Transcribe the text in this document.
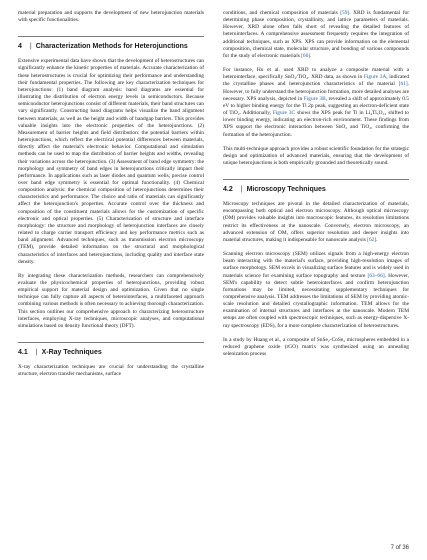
material preparation and supports the development of new heterojunction materials with specific functionalities.

4 | Characterization Methods for Heterojunctions

Extensive experimental data have shown that the development of heterostructures can significantly enhance the kinetic properties of materials. Accurate characterization of these heterostructures is crucial for optimizing their performance and understanding their fundamental properties. The following are key characterization techniques for heterojunctions: (1) band diagram analysis: band diagrams are essential for illustrating the distribution of electron energy levels in semiconductors. Because semiconductor heterojunctions consist of different materials, their band structures can vary significantly. Constructing band diagrams helps visualize the band alignment between materials, as well as the height and width of bandgap barriers. This provides valuable insights into the electronic properties of the heterojunctions. (2) Measurement of barrier heights and field distribution: the potential barriers within heterojunctions, which reflect the electrical potential differences between materials, directly affect the material's electronic behavior. Computational and simulation methods can be used to map the distribution of barrier heights and widths, revealing their variations across the heterojunction. (3) Assessment of band edge symmetry: the morphology and symmetry of band edges in heterojunctions critically impact their performance. In applications such as laser diodes and quantum wells, precise control over band edge symmetry is essential for optimal functionality. (4) Chemical composition analysis: the chemical composition of heterojunctions determines their characteristics and performance. The choice and ratio of materials can significantly affect the heterojunction's properties. Accurate control over the thickness and composition of the constituent materials allows for the customization of specific electronic and optical properties. (5) Characterization of structure and interface morphology: the structure and morphology of heterojunction interfaces are closely related to charge carrier transport efficiency and key performance metrics such as band alignment. Advanced techniques, such as transmission electron microscopy (TEM), provide detailed information on the structural and morphological characteristics of interfaces and heterojunctions, including quality and interface state density.

By integrating these characterization methods, researchers can comprehensively evaluate the physicochemical properties of heterojunctions, providing robust empirical support for material design and optimization. Given that no single technique can fully capture all aspects of heterointerfaces, a multifaceted approach combining various methods is often necessary to achieving thorough characterization. This section outlines our comprehensive approach to characterizing heterostructure interfaces, employing X-ray techniques, microscopic analyses, and computational simulations based on density functional theory (DFT).

4.1 | X-Ray Techniques

X-ray characterization techniques are crucial for understanding the crystalline structure, electron transfer mechanisms, surface

conditions, and chemical composition of materials [59]. XRD is fundamental for determining phase composition, crystallinity, and lattice parameters of materials. However, XRD alone often falls short of revealing the detailed features of heterointerfaces. A comprehensive assessment frequently requires the integration of additional techniques, such as XPS. XPS can provide information on the elemental composition, chemical state, molecular structure, and bonding of various compounds for the study of electronic materials [60].

For instance, Hu et al. used XRD to analyze a composite material with a heterointerface, specifically SnO₂/TiO₂. XRD data, as shown in Figure 3A, indicated the crystalline phases and heterojunction characteristics of the material [61]. However, to fully understand the heterojunction formation, more detailed analyses are necessary. XPS analysis, depicted in Figure 3B, revealed a shift of approximately 0.5 eV to higher binding energy for the Ti 2p peak, suggesting an electron-deficient state of TiO₂. Additionally, Figure 3C shows the XPS peak for Ti in Li₄Ti₅O₁₂ shifted to lower binding energy, indicating an electron-rich environment. These findings from XPS support the electronic interaction between SnO₂ and TiO₂, confirming the formation of the heterojunction.

This multi-technique approach provides a robust scientific foundation for the strategic design and optimization of advanced materials, ensuring that the development of unique heterojunctions is both empirically grounded and theoretically sound.

4.2 | Microscopy Techniques

Microscopy techniques are pivotal in the detailed characterization of materials, encompassing both optical and electron microscopy. Although optical microscopy (OM) provides valuable insights into macroscopic features, its resolution limitations restrict its effectiveness at the nanoscale. Conversely, electron microscopy, an advanced extension of OM, offers superior resolution and deeper insights into material structures, making it indispensable for nanoscale analysis [62].

Scanning electron microscopy (SEM) utilizes signals from a high-energy electron beam interacting with the material's surface, providing high-resolution images of surface morphology. SEM excels in visualizing surface features and is widely used in materials science for examining surface topography and texture [63–66]. However, SEM's capability to detect subtle heterointerfaces and confirm heterojunction formations may be limited, necessitating supplementary techniques for comprehensive analysis. TEM addresses the limitations of SEM by providing atomic-scale resolution and detailed crystallographic information. TEM allows for the examination of internal structures and interfaces at the nanoscale. Modern TEM setups are often coupled with spectroscopic techniques, such as energy-dispersive X-ray spectroscopy (EDS), for a more complete characterization of heterostructures.

In a study by Huang et al., a composite of SnSe₂-CoSe₂ microspheres embedded in a reduced graphene oxide (rGO) matrix was synthesized using an annealing selenization process

7 of 36
